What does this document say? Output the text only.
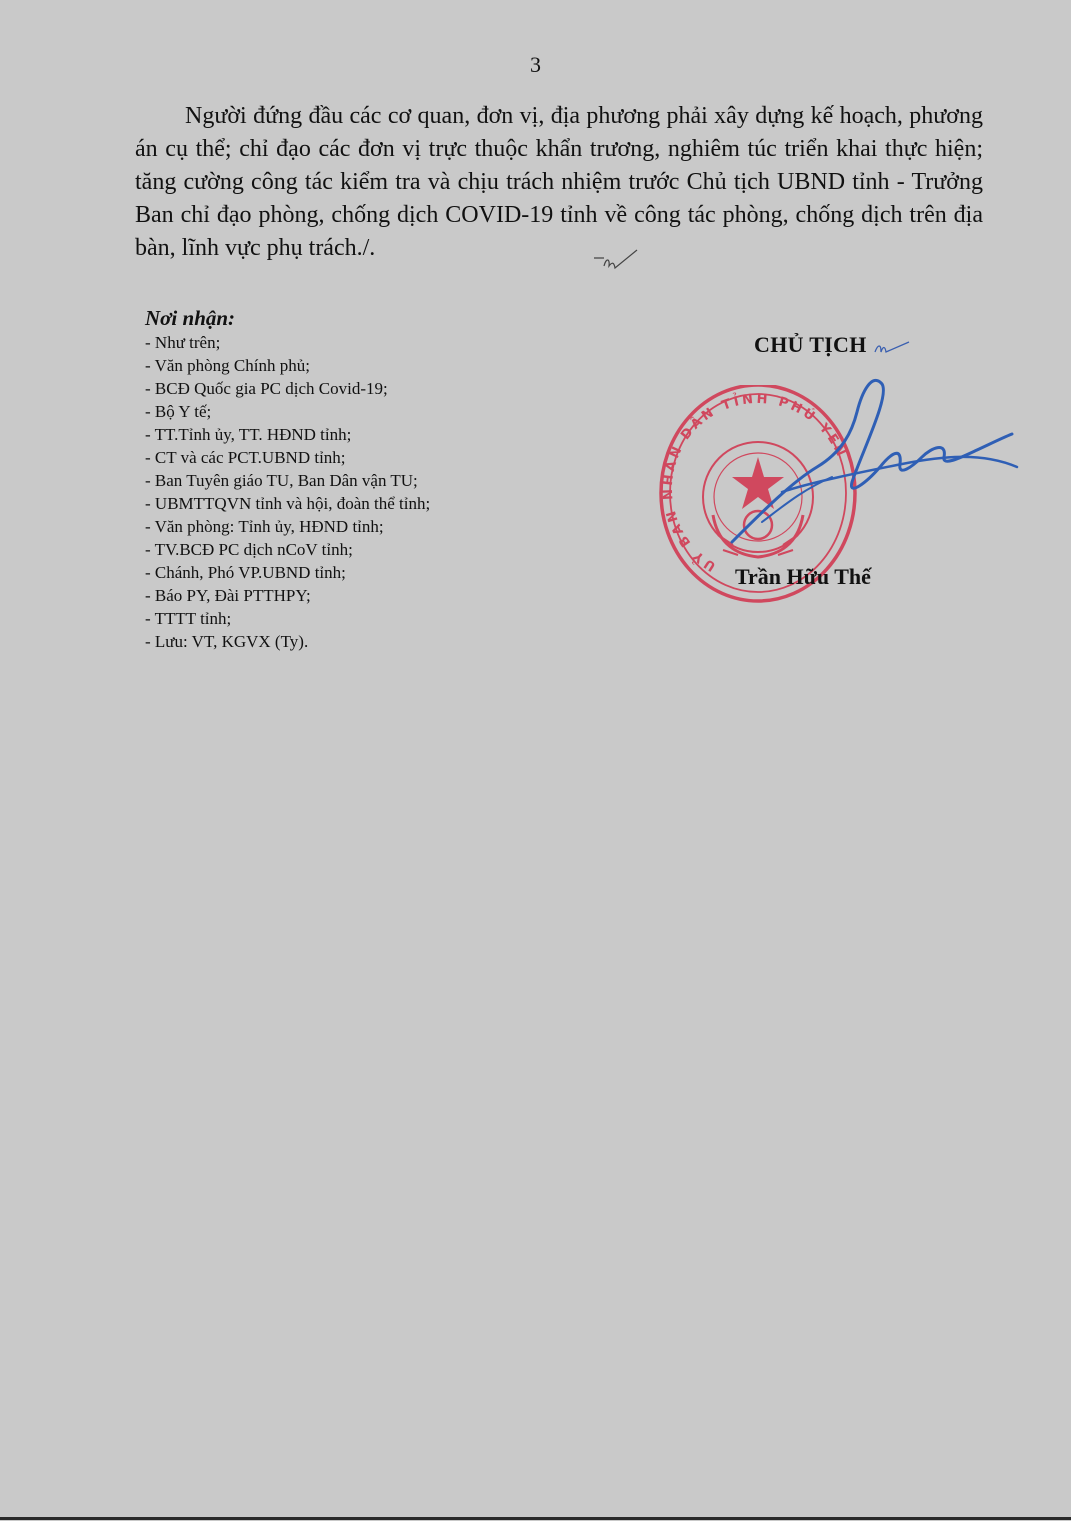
3

Người đứng đầu các cơ quan, đơn vị, địa phương phải xây dựng kế hoạch, phương án cụ thể; chỉ đạo các đơn vị trực thuộc khẩn trương, nghiêm túc triển khai thực hiện; tăng cường công tác kiểm tra và chịu trách nhiệm trước Chủ tịch UBND tỉnh - Trưởng Ban chỉ đạo phòng, chống dịch COVID-19 tỉnh về công tác phòng, chống dịch trên địa bàn, lĩnh vực phụ trách./.

Nơi nhận:
- Như trên;
- Văn phòng Chính phủ;
- BCĐ Quốc gia PC dịch Covid-19;
- Bộ Y tế;
- TT.Tỉnh ủy, TT. HĐND tỉnh;
- CT và các PCT.UBND tỉnh;
- Ban Tuyên giáo TU, Ban Dân vận TU;
- UBMTTQVN tỉnh và hội, đoàn thể tỉnh;
- Văn phòng: Tỉnh ủy, HĐND tỉnh;
- TV.BCĐ PC dịch nCoV tỉnh;
- Chánh, Phó VP.UBND tỉnh;
- Báo PY, Đài PTTHPY;
- TTTT tỉnh;
- Lưu: VT, KGVX (Ty).
CHỦ TỊCH
UỶ BAN NHÂN DÂN TỈNH PHÚ YÊN
Trần Hữu Thế
